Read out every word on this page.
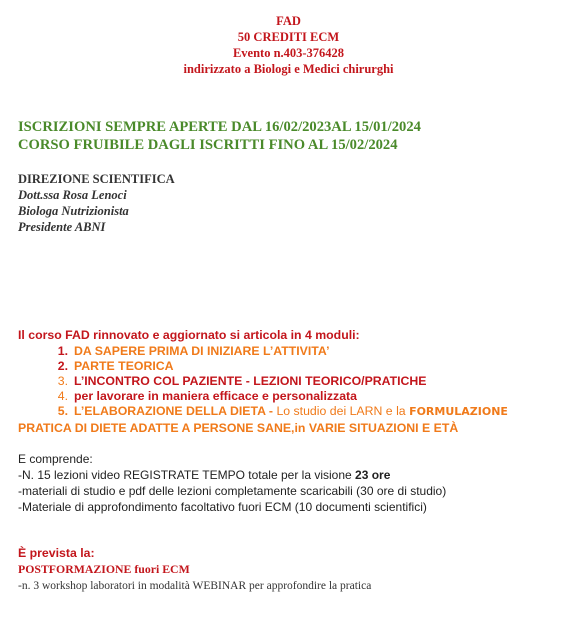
FAD
50 CREDITI ECM
Evento n.403-376428
indirizzato a Biologi e Medici chirurghi
ISCRIZIONI SEMPRE APERTE DAL 16/02/2023AL 15/01/2024
CORSO FRUIBILE DAGLI ISCRITTI FINO AL 15/02/2024
DIREZIONE SCIENTIFICA
Dott.ssa Rosa Lenoci
Biologa Nutrizionista
Presidente ABNI
Il corso FAD rinnovato e aggiornato si articola in 4 moduli:
1. DA SAPERE PRIMA DI INIZIARE L’ATTIVITA’
2. PARTE TEORICA
3. L’INCONTRO COL PAZIENTE - LEZIONI TEORICO/PRATICHE
4. per lavorare in maniera efficace e personalizzata
5. L’ELABORAZIONE DELLA DIETA - Lo studio dei LARN e la FORMULAZIONE
PRATICA DI DIETE ADATTE A PERSONE SANE,in VARIE SITUAZIONI E ETÀ
E comprende:
-N. 15 lezioni video REGISTRATE TEMPO totale per la visione 23 ore
-materiali di studio e pdf delle lezioni completamente scaricabili (30 ore di studio)
-Materiale di approfondimento facoltativo fuori ECM (10 documenti scientifici)
È prevista la:
POSTFORMAZIONE fuori ECM
-n. 3 workshop laboratori in modalità WEBINAR per approfondire la pratica
